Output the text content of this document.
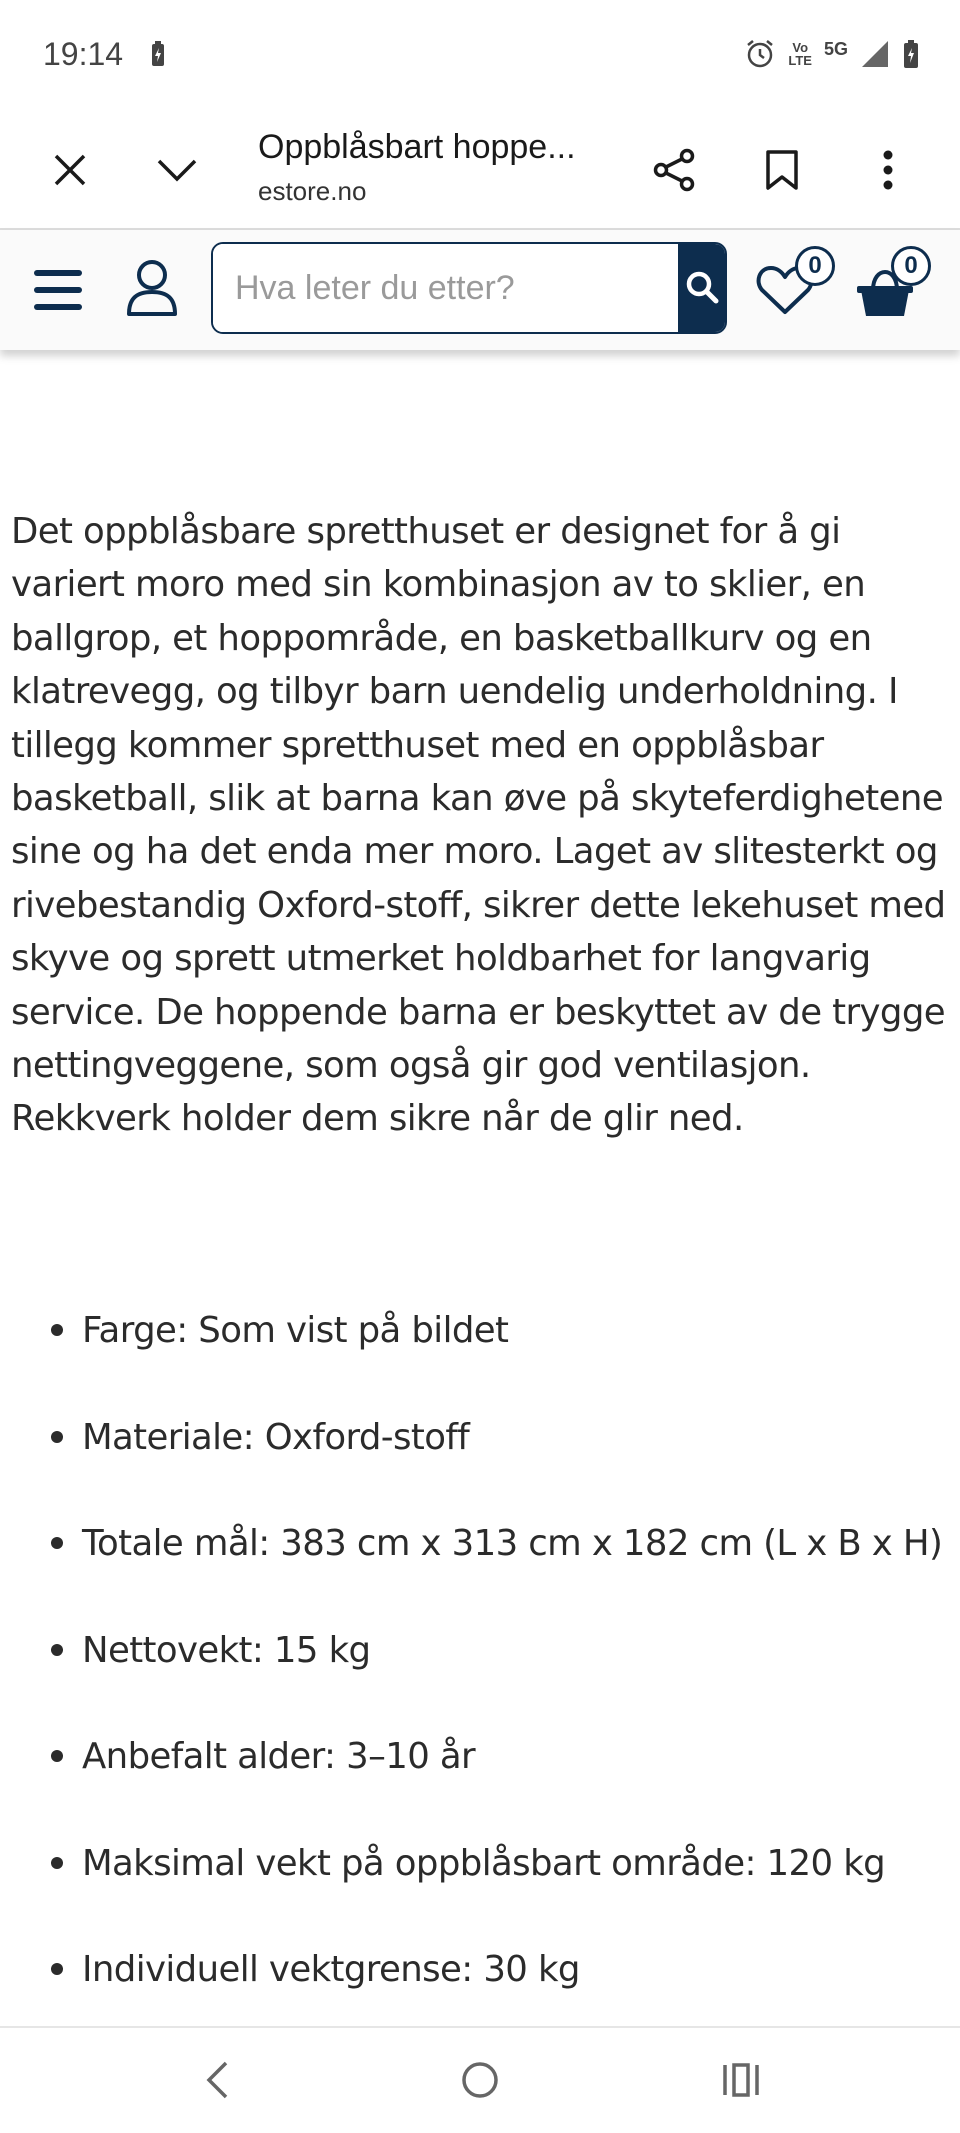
19:14	Vo
LTE
5G
Oppblåsbart hoppe...
estore.no
Hva leter du etter?
0	0

Det oppblåsbare spretthuset er designet for å gi variert moro med sin kombinasjon av to sklier, en ballgrop, et hoppområde, en basketballkurv og en klatrevegg, og tilbyr barn uendelig underholdning. I tillegg kommer spretthuset med en oppblåsbar basketball, slik at barna kan øve på skyteferdighetene sine og ha det enda mer moro. Laget av slitesterkt og rivebestandig Oxford-stoff, sikrer dette lekehuset med skyve og sprett utmerket holdbarhet for langvarig service. De hoppende barna er beskyttet av de trygge nettingveggene, som også gir god ventilasjon. Rekkverk holder dem sikre når de glir ned.

Farge: Som vist på bildet
Materiale: Oxford-stoff
Totale mål: 383 cm x 313 cm x 182 cm (L x B x H)
Nettovekt: 15 kg
Anbefalt alder: 3–10 år
Maksimal vekt på oppblåsbart område: 120 kg
Individuell vektgrense: 30 kg
